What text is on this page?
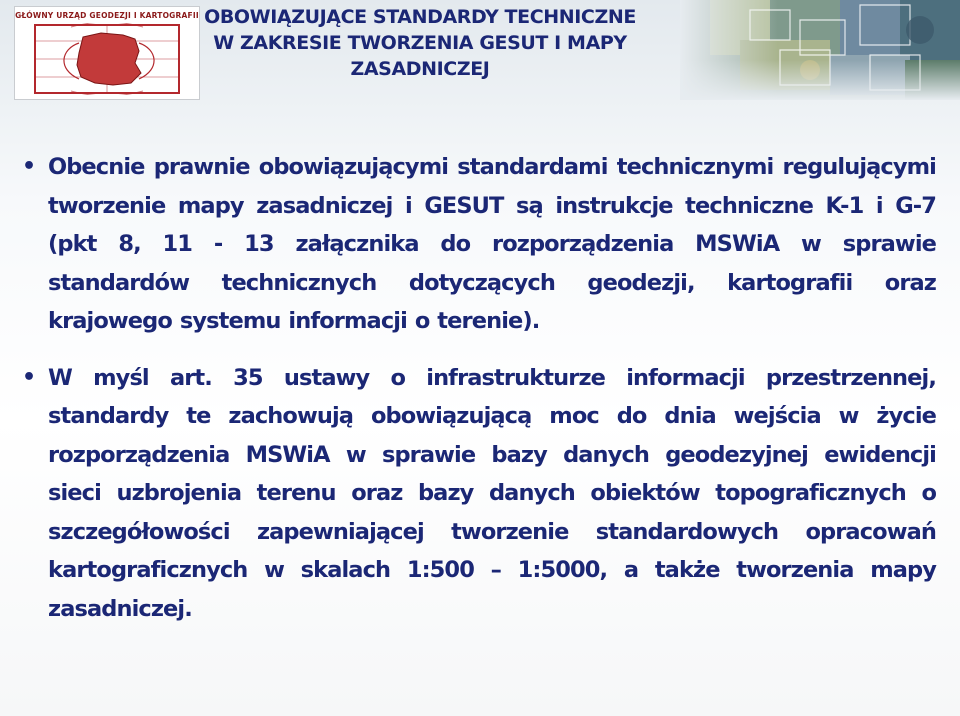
GŁÓWNY URZĄD GEODEZJI I KARTOGRAFII OBOWIĄZUJĄCE STANDARDY TECHNICZNE
W ZAKRESIE TWORZENIA GESUT I MAPY
ZASADNICZEJ

• Obecnie prawnie obowiązującymi standardami technicznymi regulującymi tworzenie mapy zasadniczej i GESUT są instrukcje techniczne K-1 i G-7 (pkt 8, 11 - 13 załącznika do rozporządzenia MSWiA w sprawie standardów technicznych dotyczących geodezji, kartografii oraz krajowego systemu informacji o terenie).

• W myśl art. 35 ustawy o infrastrukturze informacji przestrzennej, standardy te zachowują obowiązującą moc do dnia wejścia w życie rozporządzenia MSWiA w sprawie bazy danych geodezyjnej ewidencji sieci uzbrojenia terenu oraz bazy danych obiektów topograficznych o szczegółowości zapewniającej tworzenie standardowych opracowań kartograficznych w skalach 1:500 – 1:5000, a także tworzenia mapy zasadniczej.
